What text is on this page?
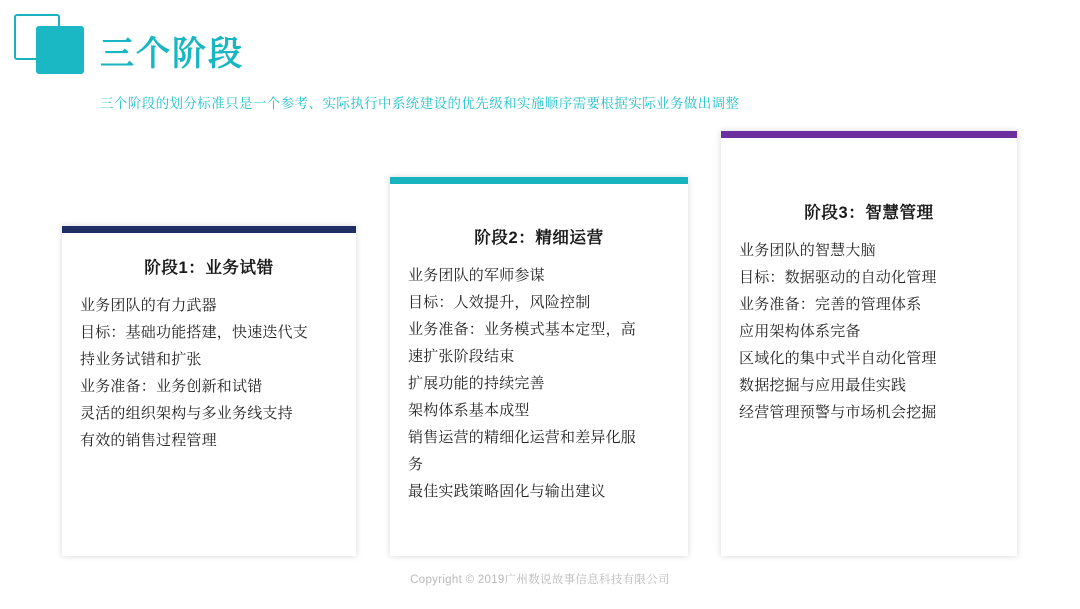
三个阶段
三个阶段的划分标准只是一个参考、实际执行中系统建设的优先级和实施顺序需要根据实际业务做出调整
阶段1：业务试错

业务团队的有力武器

目标：基础功能搭建，快速迭代支

持业务试错和扩张

业务准备：业务创新和试错

灵活的组织架构与多业务线支持

有效的销售过程管理

阶段2：精细运营

业务团队的军师参谋

目标：人效提升，风险控制

业务准备：业务模式基本定型，高

速扩张阶段结束

扩展功能的持续完善

架构体系基本成型

销售运营的精细化运营和差异化服

务

最佳实践策略固化与输出建议

阶段3：智慧管理

业务团队的智慧大脑

目标：数据驱动的自动化管理

业务准备：完善的管理体系

应用架构体系完备

区域化的集中式半自动化管理

数据挖掘与应用最佳实践

经营管理预警与市场机会挖掘

Copyright © 2019广州数说故事信息科技有限公司
